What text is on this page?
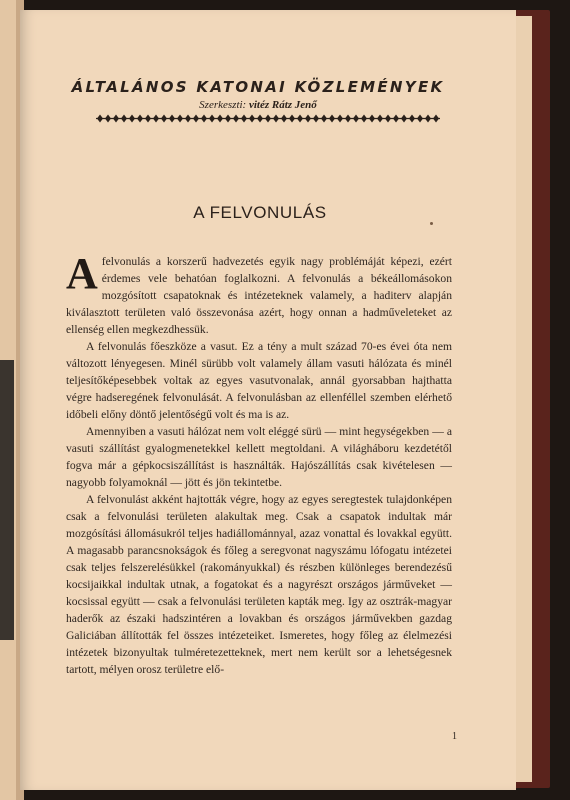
ÁLTALÁNOS KATONAI KÖZLEMÉNYEK
Szerkeszti: vitéz Rátz Jenő
A FELVONULÁS

Afelvonulás a korszerű hadvezetés egyik nagy problémáját képezi, ezért érdemes vele behatóan foglalkozni. A felvonulás a békeállomásokon mozgósított csapatoknak és intézeteknek valamely, a haditerv alapján kiválasztott területen való összevonása azért, hogy onnan a hadműveleteket az ellenség ellen megkezdhessük.

A felvonulás főeszköze a vasut. Ez a tény a mult század 70-es évei óta nem változott lényegesen. Minél sürübb volt valamely állam vasuti hálózata és minél teljesítőképesebbek voltak az egyes vasutvonalak, annál gyorsabban hajthatta végre hadseregének felvonulását. A felvonulásban az ellenféllel szemben elérhető időbeli előny döntő jelentőségű volt és ma is az.

Amennyiben a vasuti hálózat nem volt eléggé sürü — mint hegységekben — a vasuti szállítást gyalogmenetekkel kellett megtoldani. A világháboru kezdetétől fogva már a gépkocsiszállítást is használták. Hajószállítás csak kivételesen — nagyobb folyamoknál — jött és jön tekintetbe.

A felvonulást akként hajtották végre, hogy az egyes seregtestek tulajdonképen csak a felvonulási területen alakultak meg. Csak a csapatok indultak már mozgósítási állomásukról teljes hadiállománnyal, azaz vonattal és lovakkal együtt. A magasabb parancsnokságok és főleg a seregvonat nagyszámu lófogatu intézetei csak teljes felszerelésükkel (rakományukkal) és részben különleges berendezésű kocsijaikkal indultak utnak, a fogatokat és a nagyrészt országos járműveket — kocsissal együtt — csak a felvonulási területen kapták meg. Igy az osztrák-magyar haderők az északi hadszintéren a lovakban és országos járművekben gazdag Galiciában állították fel összes intézeteiket. Ismeretes, hogy főleg az élelmezési intézetek bizonyultak tulméretezetteknek, mert nem került sor a lehetségesnek tartott, mélyen orosz területre elő-

1
